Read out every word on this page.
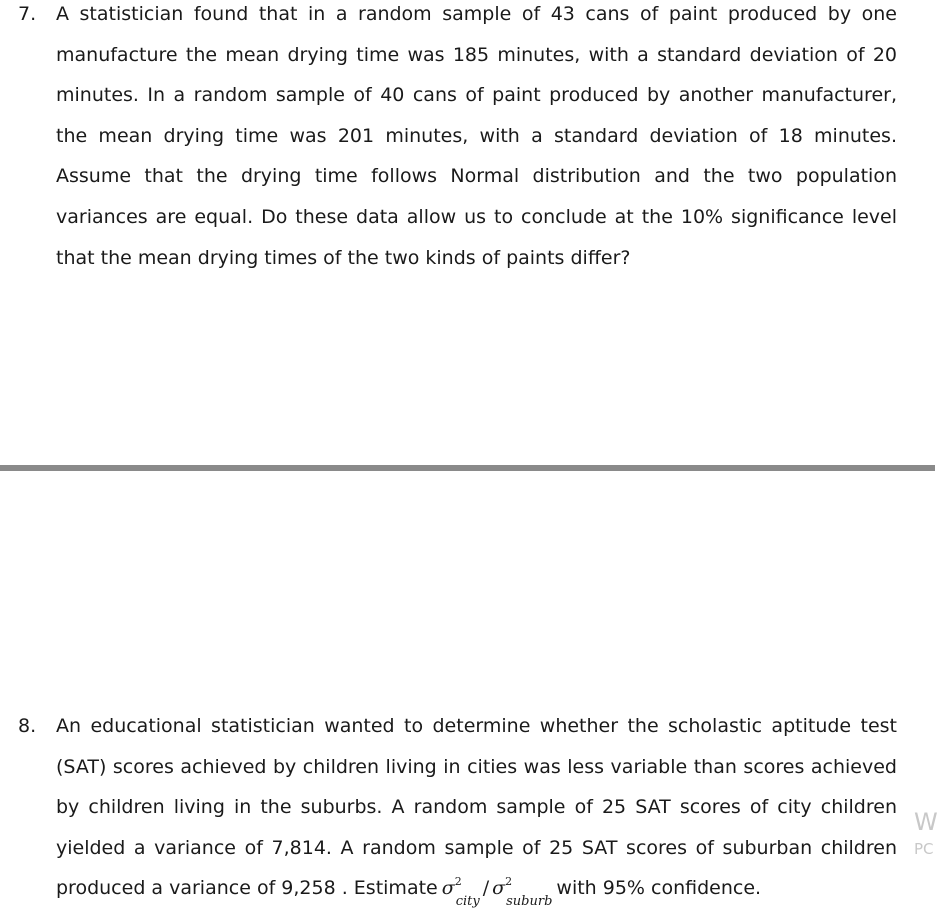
7. A statistician found that in a random sample of 43 cans of paint produced by one manufacture the mean drying time was 185 minutes, with a standard deviation of 20 minutes. In a random sample of 40 cans of paint produced by another manufacturer, the mean drying time was 201 minutes, with a standard deviation of 18 minutes. Assume that the drying time follows Normal distribution and the two population variances are equal. Do these data allow us to conclude at the 10% significance level that the mean drying times of the two kinds of paints differ?

8. An educational statistician wanted to determine whether the scholastic aptitude test (SAT) scores achieved by children living in cities was less variable than scores achieved by children living in the suburbs. A random sample of 25 SAT scores of city children yielded a variance of 7,814. A random sample of 25 SAT scores of suburban children produced a variance of 9,258 . Estimate σ 2
$_{city}$/ σ 2
$_{suburb}$with 95% confidence.

W
PC
